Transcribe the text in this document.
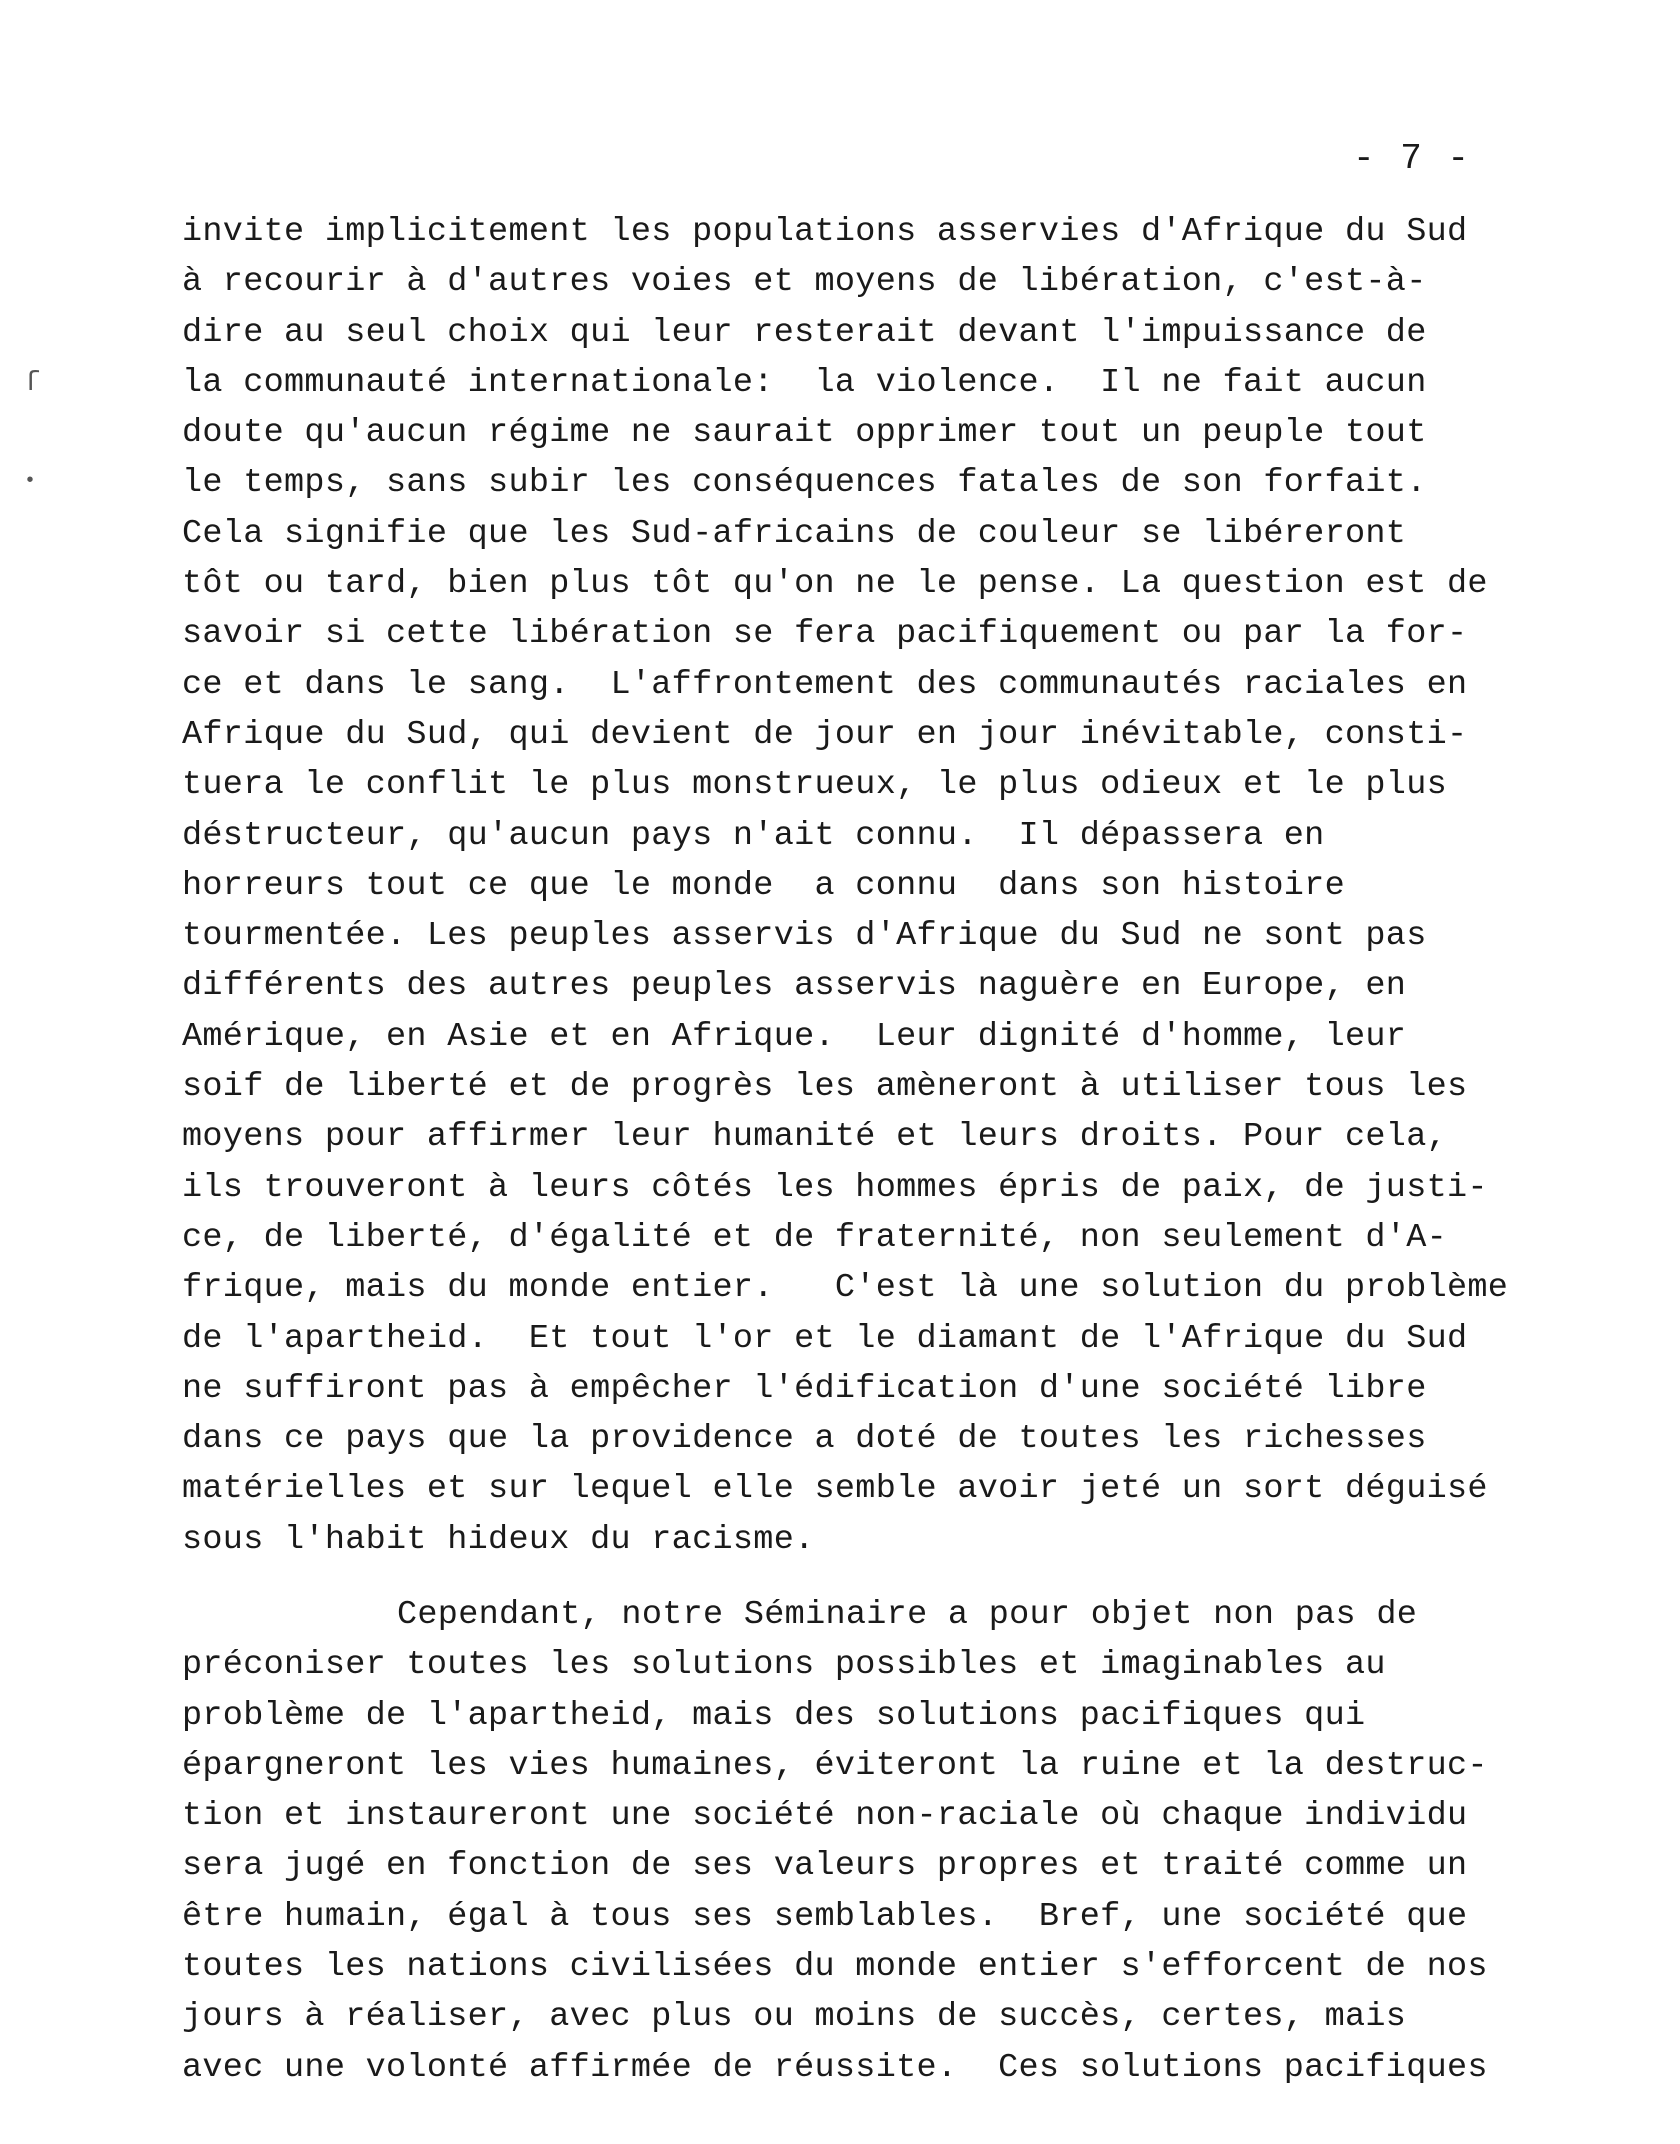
- 7 -
ſ
•
invite implicitement les populations asservies d'Afrique du Sud
à recourir à d'autres voies et moyens de libération, c'est-à-
dire au seul choix qui leur resterait devant l'impuissance de
la communauté internationale:  la violence.  Il ne fait aucun
doute qu'aucun régime ne saurait opprimer tout un peuple tout
le temps, sans subir les conséquences fatales de son forfait.
Cela signifie que les Sud-africains de couleur se libéreront
tôt ou tard, bien plus tôt qu'on ne le pense. La question est de
savoir si cette libération se fera pacifiquement ou par la for-
ce et dans le sang.  L'affrontement des communautés raciales en
Afrique du Sud, qui devient de jour en jour inévitable, consti-
tuera le conflit le plus monstrueux, le plus odieux et le plus
déstructeur, qu'aucun pays n'ait connu.  Il dépassera en
horreurs tout ce que le monde  a connu  dans son histoire
tourmentée. Les peuples asservis d'Afrique du Sud ne sont pas
différents des autres peuples asservis naguère en Europe, en
Amérique, en Asie et en Afrique.  Leur dignité d'homme, leur
soif de liberté et de progrès les amèneront à utiliser tous les
moyens pour affirmer leur humanité et leurs droits. Pour cela,
ils trouveront à leurs côtés les hommes épris de paix, de justi-
ce, de liberté, d'égalité et de fraternité, non seulement d'A-
frique, mais du monde entier.   C'est là une solution du problème
de l'apartheid.  Et tout l'or et le diamant de l'Afrique du Sud
ne suffiront pas à empêcher l'édification d'une société libre
dans ce pays que la providence a doté de toutes les richesses
matérielles et sur lequel elle semble avoir jeté un sort déguisé
sous l'habit hideux du racisme.
Cependant, notre Séminaire a pour objet non pas de
préconiser toutes les solutions possibles et imaginables au
problème de l'apartheid, mais des solutions pacifiques qui
épargneront les vies humaines, éviteront la ruine et la destruc-
tion et instaureront une société non-raciale où chaque individu
sera jugé en fonction de ses valeurs propres et traité comme un
être humain, égal à tous ses semblables.  Bref, une société que
toutes les nations civilisées du monde entier s'efforcent de nos
jours à réaliser, avec plus ou moins de succès, certes, mais
avec une volonté affirmée de réussite.  Ces solutions pacifiques
